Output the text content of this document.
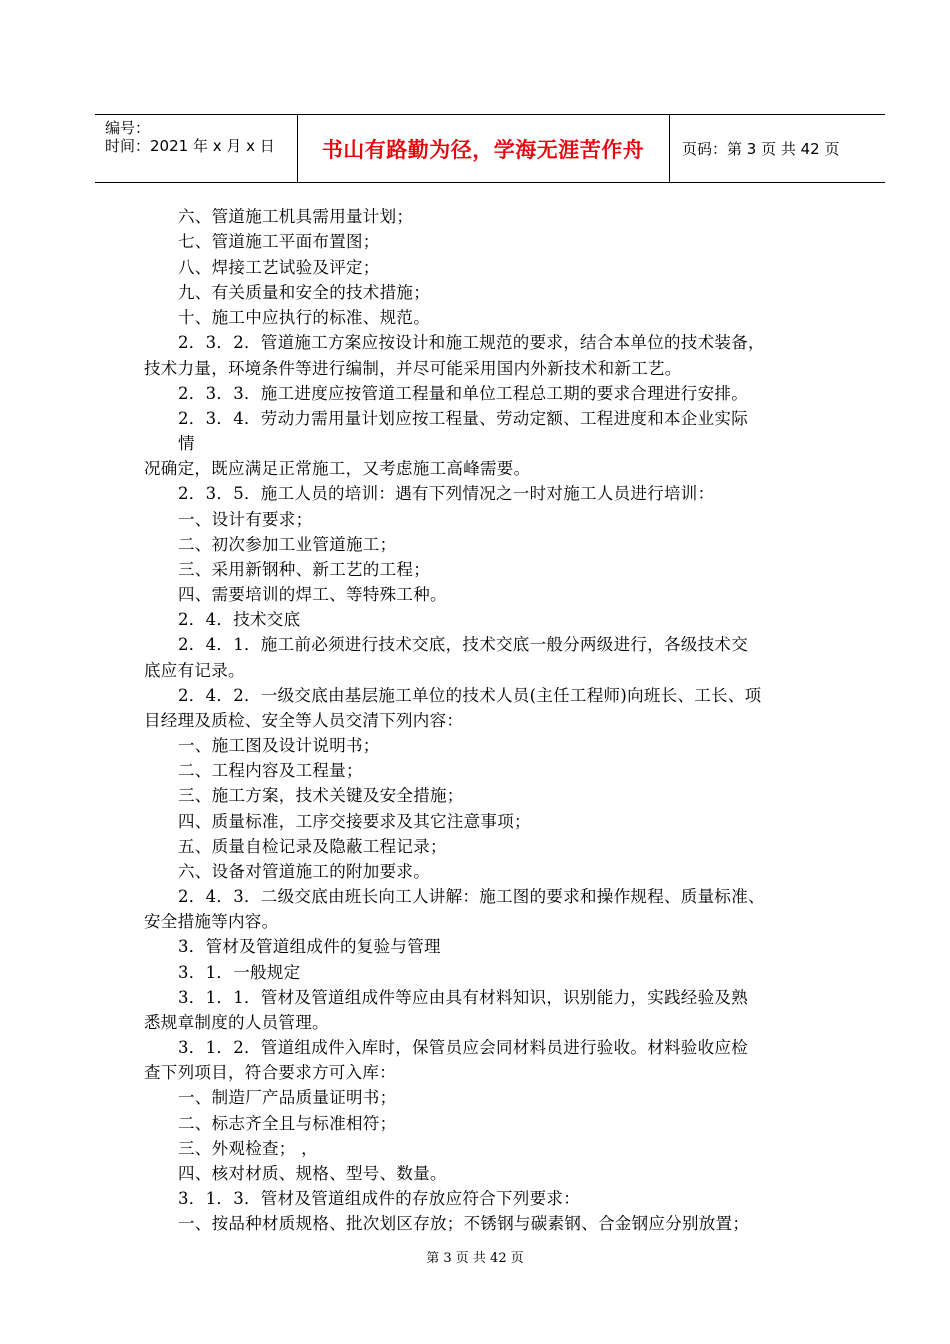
编号：
时间：2021 年 x 月 x 日 书山有路勤为径，学海无涯苦作舟	页码：第 3 页 共 42 页
六、管道施工机具需用量计划；
七、管道施工平面布置图；
八、焊接工艺试验及评定；
九、有关质量和安全的技术措施；
十、施工中应执行的标准、规范。
2．3．2．管道施工方案应按设计和施工规范的要求，结合本单位的技术装备，
技术力量，环境条件等进行编制，并尽可能采用国内外新技术和新工艺。
2．3．3．施工进度应按管道工程量和单位工程总工期的要求合理进行安排。
2．3．4．劳动力需用量计划应按工程量、劳动定额、工程进度和本企业实际
情
况确定，既应满足正常施工，又考虑施工高峰需要。
2．3．5．施工人员的培训：遇有下列情况之一时对施工人员进行培训：
一、设计有要求；
二、初次参加工业管道施工；
三、采用新钢种、新工艺的工程；
四、需要培训的焊工、等特殊工种。
2．4．技术交底
2．4．1．施工前必须进行技术交底，技术交底一般分两级进行，各级技术交
底应有记录。
2．4．2．一级交底由基层施工单位的技术人员(主任工程师)向班长、工长、项
目经理及质检、安全等人员交清下列内容：
一、施工图及设计说明书；
二、工程内容及工程量；
三、施工方案，技术关键及安全措施；
四、质量标准，工序交接要求及其它注意事项；
五、质量自检记录及隐蔽工程记录；
六、设备对管道施工的附加要求。
2．4．3．二级交底由班长向工人讲解：施工图的要求和操作规程、质量标准、
安全措施等内容。
3．管材及管道组成件的复验与管理
3．1．一般规定
3．1．1．管材及管道组成件等应由具有材料知识，识别能力，实践经验及熟
悉规章制度的人员管理。
3．1．2．管道组成件入库时，保管员应会同材料员进行验收。材料验收应检
查下列项目，符合要求方可入库：
一、制造厂产品质量证明书；
二、标志齐全且与标准相符；
三、外观检查； ，
四、核对材质、规格、型号、数量。
3．1．3．管材及管道组成件的存放应符合下列要求：
一、按品种材质规格、批次划区存放；不锈钢与碳素钢、合金钢应分别放置；
第 3 页 共 42 页
